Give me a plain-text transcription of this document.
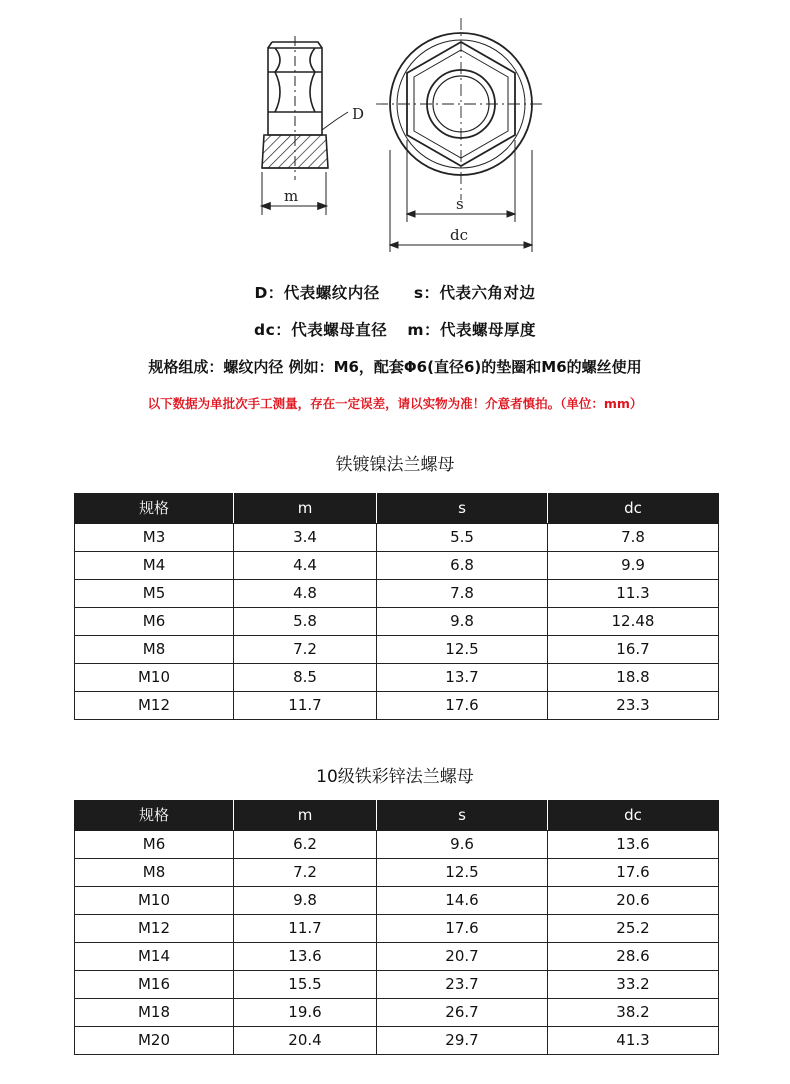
D
m	s
dc
D：代表螺纹内径 s：代表六角对边
dc：代表螺母直径 m：代表螺母厚度
规格组成：螺纹内径 例如：M6，配套Φ6(直径6)的垫圈和M6的螺丝使用
以下数据为单批次手工测量，存在一定误差，请以实物为准！介意者慎拍。（单位：mm）
铁镀镍法兰螺母
规格	m	s	dc
M3	3.4	5.5	7.8
M4	4.4	6.8	9.9
M5	4.8	7.8	11.3
M6	5.8	9.8	12.48
M8	7.2	12.5	16.7
M10	8.5	13.7	18.8
M12	11.7	17.6	23.3
10级铁彩锌法兰螺母
规格	m	s	dc
M6	6.2	9.6	13.6
M8	7.2	12.5	17.6
M10	9.8	14.6	20.6
M12	11.7	17.6	25.2
M14	13.6	20.7	28.6
M16	15.5	23.7	33.2
M18	19.6	26.7	38.2
M20	20.4	29.7	41.3
